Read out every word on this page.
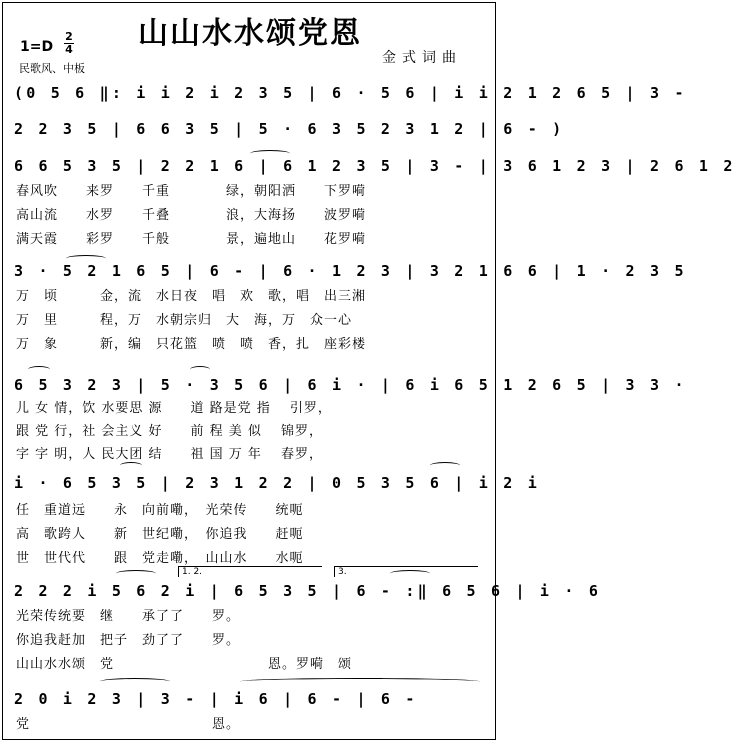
山山水水颂党恩
1=D
2
4
民歌风、中板
金式词曲
(0 5 6 ‖: i i 2 i 2 3 5 | 6 · 5 6 | i i 2 1 2 6 5 | 3 -
2 2 3 5 | 6 6 3 5 | 5 · 6 3 5 2 3 1 2 | 6 - )
6 6 5 3 5 | 2 2 1 6 | 6 1 2 3 5 | 3 - | 3 6 1 2 3 | 2 6 1 2
3 · 5 2 1 6 5 | 6 - | 6 · 1 2 3 | 3 2 1 6 6 | 1 · 2 3 5
6 5 3 2 3 | 5 · 3 5 6 | 6 i · | 6 i 6 5 1 2 6 5 | 3 3 ·
i · 6 5 3 5 | 2 3 1 2 2 | 0 5 3 5 6 | i 2 i
2 2 2 i 5 6 2 i | 6 5 3 5 | 6 - :‖ 6 5 6 | i · 6
2 0 i 2 3 | 3 - | i 6 | 6 - | 6 -
春风吹　　来罗　　千重　　　　绿，朝阳洒　　下罗嗬
高山流　　水罗　　千叠　　　　浪，大海扬　　波罗嗬
满天霞　　彩罗　　千般　　　　景，遍地山　　花罗嗬
万　顷　　　金，流　水日夜　唱　欢　歌，唱　出三湘
万　里　　　程，万　水朝宗归　大　海，万　众一心
万　象　　　新，编　只花篮　喷　喷　香，扎　座彩楼
儿 女 情，饮 水要思 源　　道 路是党 指　 引罗，
跟 党 行，社 会主义 好　　前 程 美 似　 锦罗，
字 字 明，人 民大团 结　　祖 国 万 年　 春罗，
任　重道远　　永　向前嘞，　光荣传　　统呃
高　歌跨人　　新　世纪嘞，　你追我　　赶呃
世　世代代　　跟　党走嘞，　山山水　　水呃
光荣传统要　继　　承了了　　罗。
你追我赶加　把子　劲了了　　罗。
山山水水颂　党　　　　　　　　　　　恩。罗嗬　颂
党　　　　　　　　　　　　　恩。
1. 2.	3.
